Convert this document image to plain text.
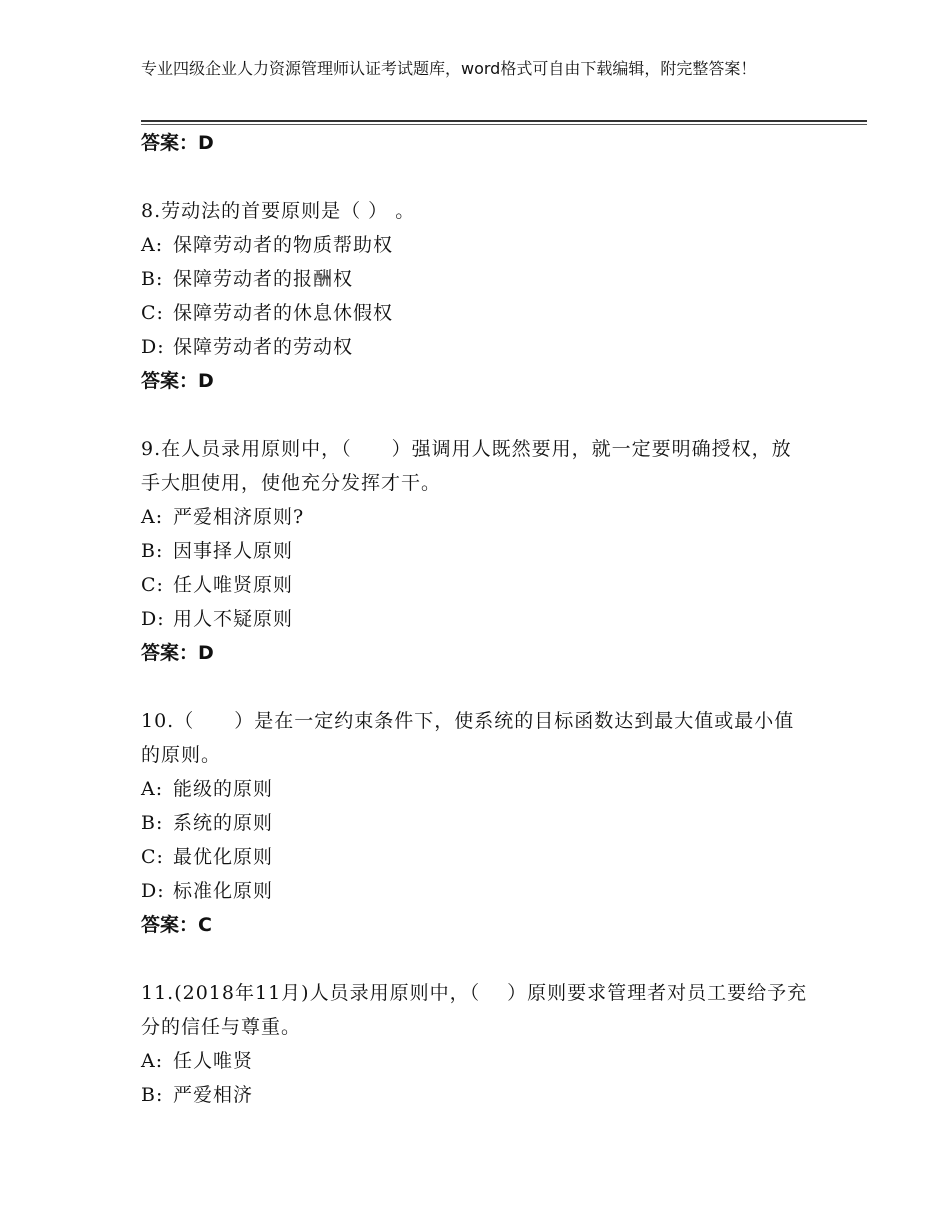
专业四级企业人力资源管理师认证考试题库，word格式可自由下载编辑，附完整答案！
答案：D
8.劳动法的首要原则是（ ） 。
A: 保障劳动者的物质帮助权
B: 保障劳动者的报酬权
C: 保障劳动者的休息休假权
D: 保障劳动者的劳动权
答案：D
9.在人员录用原则中，（　　）强调用人既然要用，就一定要明确授权，放手大胆使用，使他充分发挥才干。
A: 严爱相济原则?
B: 因事择人原则
C: 任人唯贤原则
D: 用人不疑原则
答案：D
10.（　　）是在一定约束条件下，使系统的目标函数达到最大值或最小值的原则。
A: 能级的原则
B: 系统的原则
C: 最优化原则
D: 标准化原则
答案：C
11.(2018年11月)人员录用原则中，（　 ）原则要求管理者对员工要给予充分的信任与尊重。
A: 任人唯贤
B: 严爱相济
